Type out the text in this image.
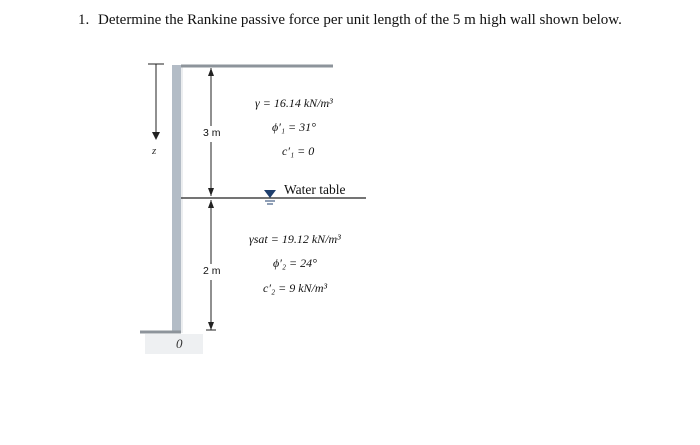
1. Determine the Rankine passive force per unit length of the 5 m high wall shown below.
3 m
2 m
z
0
γ = 16.14 kN/m³
ϕ′₁ = 31°
c′₁ = 0
Water table
γsat = 19.12 kN/m³
ϕ′₂ = 24°
c′₂ = 9 kN/m³
